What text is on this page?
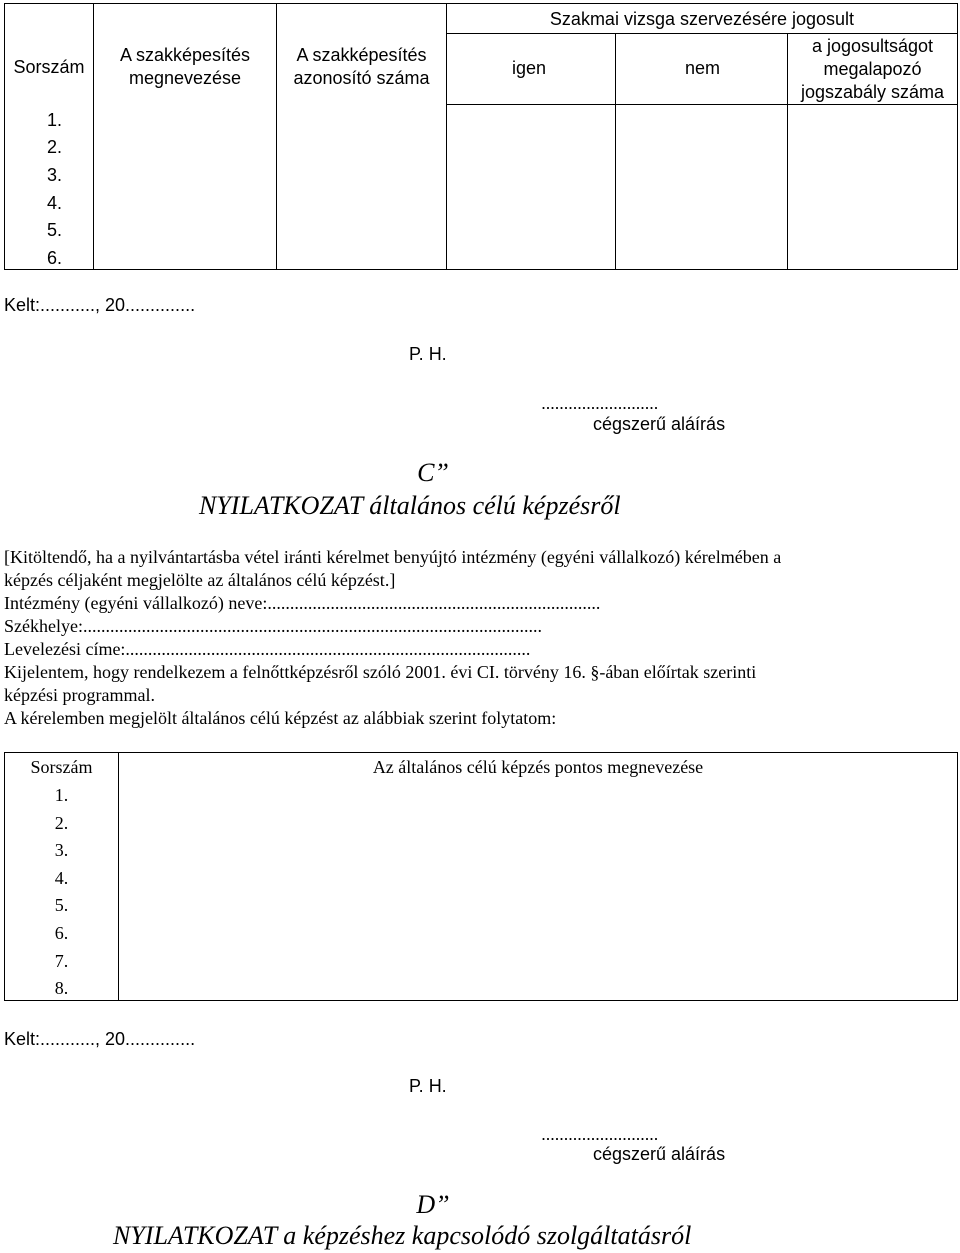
Sorszám
A szakképesítés
megnevezése
A szakképesítés
azonosító száma
Szakmai vizsga szervezésére jogosult
igen	nem
a jogosultságot
megalapozó
jogszabály száma
1.
2.
3.
4.
5.
6.
Kelt:..........., 20..............
P. H.
..........................
cégszerű aláírás
C”
NYILATKOZAT általános célú képzésről
[Kitöltendő, ha a nyilvántartásba vétel iránti kérelmet benyújtó intézmény (egyéni vállalkozó) kérelmében a
képzés céljaként megjelölte az általános célú képzést.]
Intézmény (egyéni vállalkozó) neve:..........................................................................
Székhelye:......................................................................................................
Levelezési címe:..........................................................................................
Kijelentem, hogy rendelkezem a felnőttképzésről szóló 2001. évi CI. törvény 16. §-ában előírtak szerinti
képzési programmal.
A kérelemben megjelölt általános célú képzést az alábbiak szerint folytatom:
Sorszám	Az általános célú képzés pontos megnevezése
1.
2.
3.
4.
5.
6.
7.
8.
Kelt:..........., 20..............
P. H.
..........................
cégszerű aláírás
D”
NYILATKOZAT a képzéshez kapcsolódó szolgáltatásról
